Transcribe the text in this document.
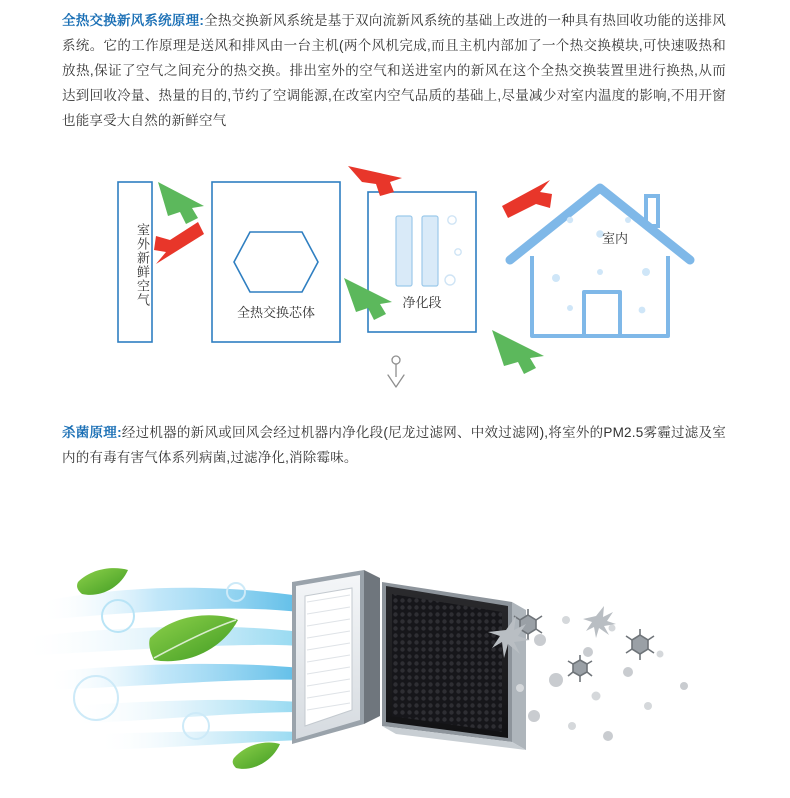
全热交换新风系统原理:全热交换新风系统是基于双向流新风系统的基础上改进的一种具有热回收功能的送排风系统。它的工作原理是送风和排风由一台主机(两个风机完成,而且主机内部加了一个热交换模块,可快速吸热和放热,保证了空气之间充分的热交换。排出室外的空气和送进室内的新风在这个全热交换装置里进行换热,从而达到回收冷量、热量的目的,节约了空调能源,在改室内空气品质的基础上,尽量减少对室内温度的影响,不用开窗也能享受大自然的新鲜空气
室外新鲜空气
全热交换芯体
净化段
室内
杀菌原理:经过机器的新风或回风会经过机器内净化段(尼龙过滤网、中效过滤网),将室外的PM2.5雾霾过滤及室内的有毒有害气体系列病菌,过滤净化,消除霉味。
